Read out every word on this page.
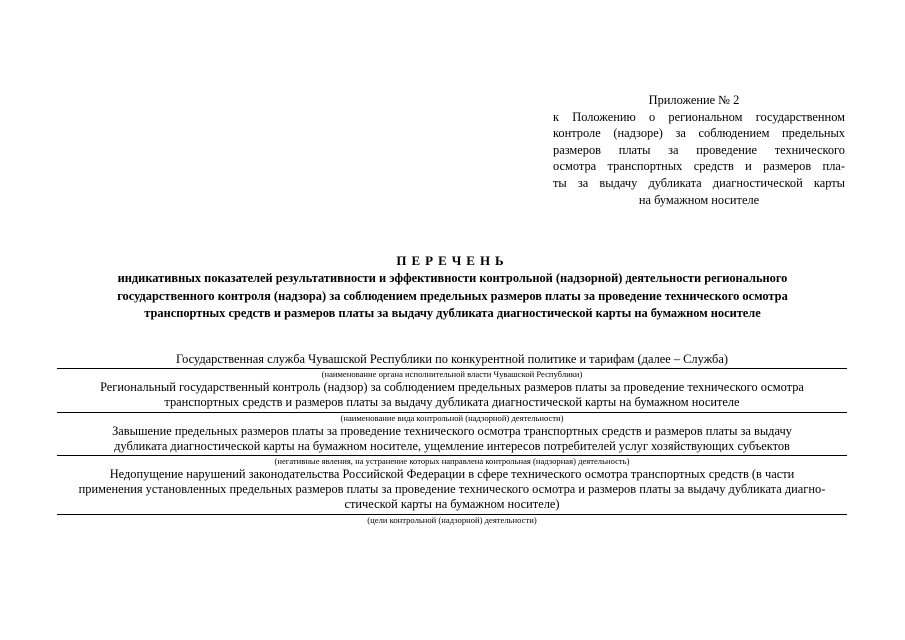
Приложение № 2
к Положению о региональном государственном
контроле (надзоре) за соблюдением предельных
размеров платы за проведение технического
осмотра транспортных средств и размеров пла-
ты за выдачу дубликата диагностической карты
на бумажном носителе
ПЕРЕЧЕНЬ
индикативных показателей результативности и эффективности контрольной (надзорной) деятельности регионального
государственного контроля (надзора) за соблюдением предельных размеров платы за проведение технического осмотра
транспортных средств и размеров платы за выдачу дубликата диагностической карты на бумажном носителе
Государственная служба Чувашской Республики по конкурентной политике и тарифам (далее – Служба)
(наименование органа исполнительной власти Чувашской Республики)
Региональный государственный контроль (надзор) за соблюдением предельных размеров платы за проведение технического осмотра
транспортных средств и размеров платы за выдачу дубликата диагностической карты на бумажном носителе
(наименование вида контрольной (надзорной) деятельности)
Завышение предельных размеров платы за проведение технического осмотра транспортных средств и размеров платы за выдачу
дубликата диагностической карты на бумажном носителе, ущемление интересов потребителей услуг хозяйствующих субъектов
(негативные явления, на устранение которых направлена контрольная (надзорная) деятельность)
Недопущение нарушений законодательства Российской Федерации в сфере технического осмотра транспортных средств (в части
применения установленных предельных размеров платы за проведение технического осмотра и размеров платы за выдачу дубликата диагно-
стической карты на бумажном носителе)
(цели контрольной (надзорной) деятельности)
